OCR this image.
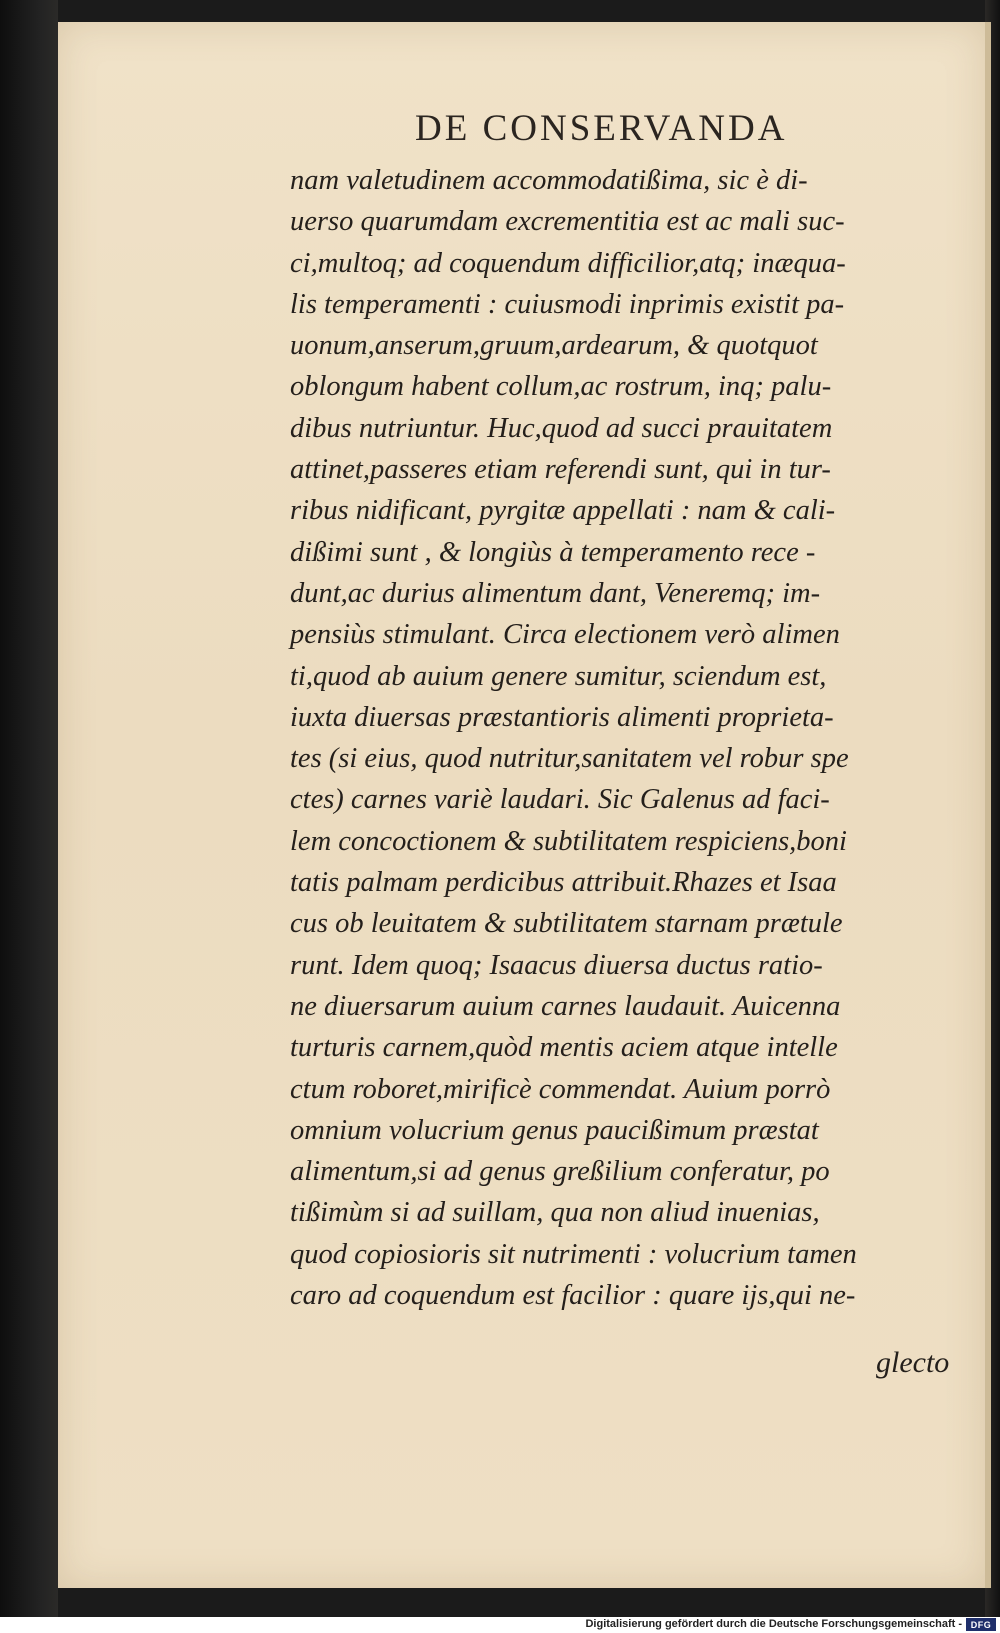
DE CONSERVANDA
nam valetudinem accommodatißima, sic è di-
uerso quarumdam excrementitia est ac mali suc-
ci,multoq; ad coquendum difficilior,atq; inæqua-
lis temperamenti : cuiusmodi inprimis existit pa-
uonum,anserum,gruum,ardearum, & quotquot
oblongum habent collum,ac rostrum, inq; palu-
dibus nutriuntur. Huc,quod ad succi prauitatem
attinet,passeres etiam referendi sunt, qui in tur-
ribus nidificant, pyrgitæ appellati : nam & cali-
dißimi sunt , & longiùs à temperamento rece -
dunt,ac durius alimentum dant, Veneremq; im-
pensiùs stimulant. Circa electionem verò alimen
ti,quod ab auium genere sumitur, sciendum est,
iuxta diuersas præstantioris alimenti proprieta-
tes (si eius, quod nutritur,sanitatem vel robur spe
ctes) carnes variè laudari. Sic Galenus ad faci-
lem concoctionem & subtilitatem respiciens,boni
tatis palmam perdicibus attribuit.Rhazes et Isaa
cus ob leuitatem & subtilitatem starnam prætule
runt. Idem quoq; Isaacus diuersa ductus ratio-
ne diuersarum auium carnes laudauit. Auicenna
turturis carnem,quòd mentis aciem atque intelle
ctum roboret,mirificè commendat. Auium porrò
omnium volucrium genus paucißimum præstat
alimentum,si ad genus greßilium conferatur, po
tißimùm si ad suillam, qua non aliud inuenias,
quod copiosioris sit nutrimenti : volucrium tamen
caro ad coquendum est facilior : quare ijs,qui ne-
glecto
Digitalisierung gefördert durch die Deutsche Forschungsgemeinschaft - DFG
